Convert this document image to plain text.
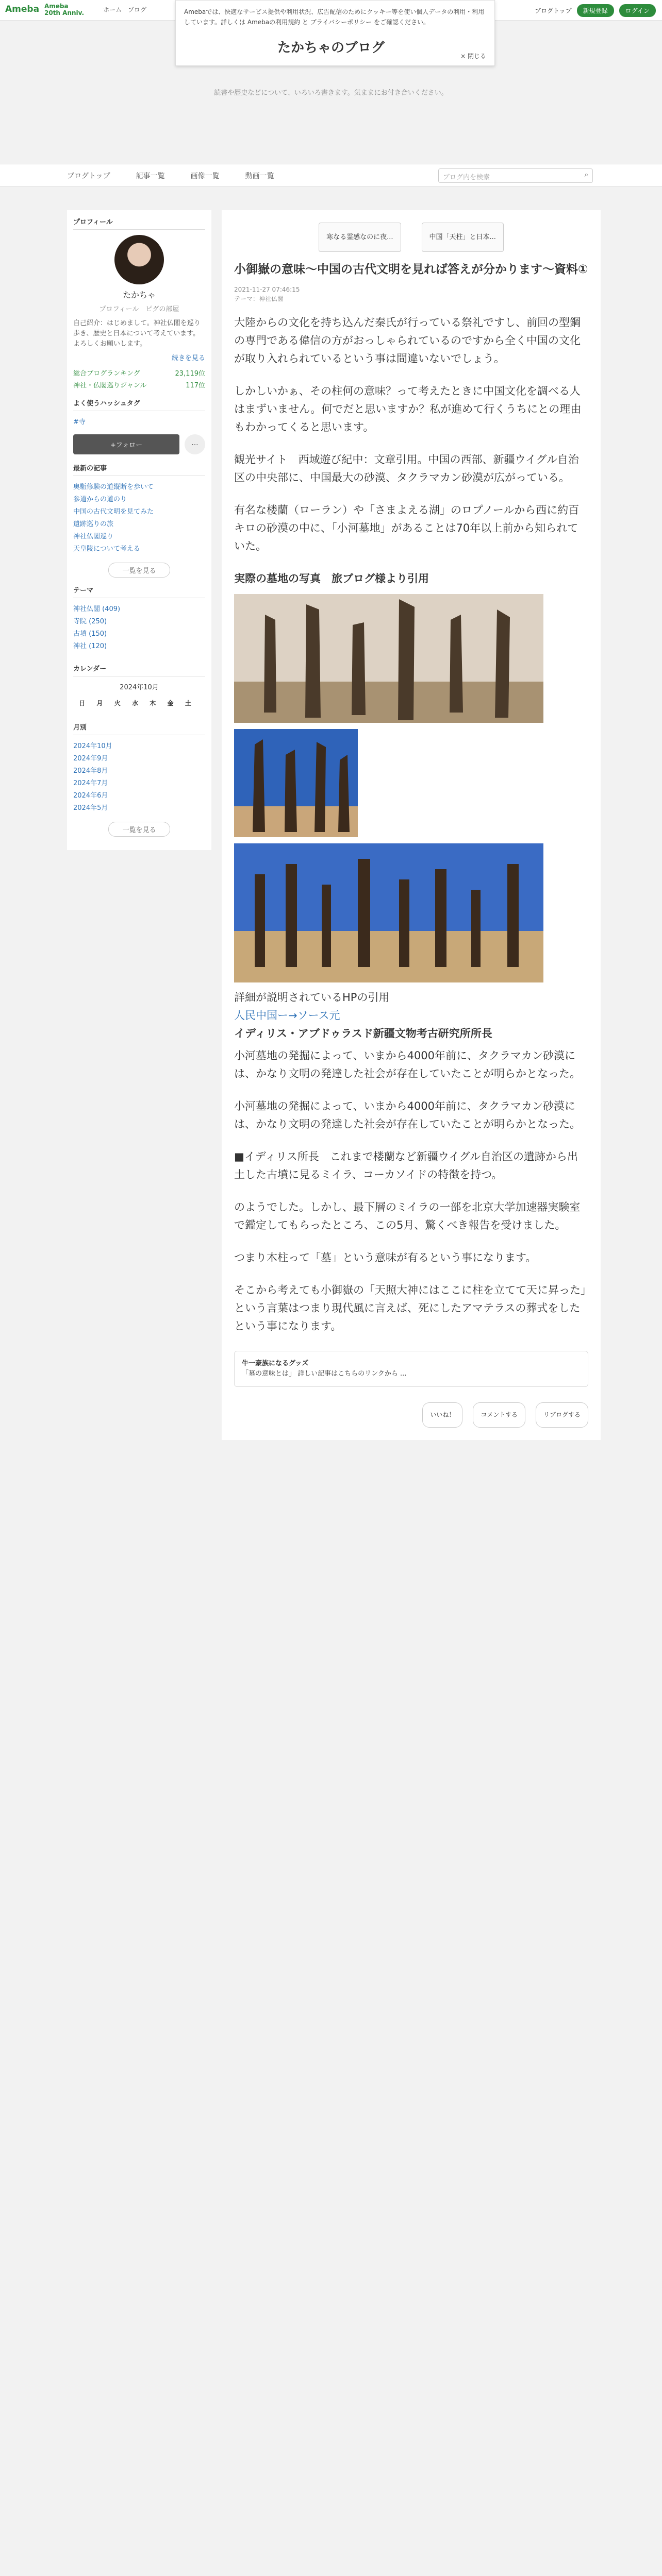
Ameba Ameba
20th Anniv.	ホーム ブログ	ブログトップ	新規登録	ログイン
Amebaでは、快適なサービス提供や利用状況、広告配信のためにクッキー等を使い個人データの利用・利用しています。詳しくは Amebaの利用規約 と プライバシーポリシー をご確認ください。
× 閉じる
たかちゃのブログ
読書や歴史などについて、いろいろ書きます。気ままにお付き合いください。
ブログトップ	記事一覧	画像一覧	動画一覧	ブログ内を検索	⌕
プロフィール
たかちゃ
プロフィール　ピグの部屋

自己紹介：はじめまして。神社仏閣を巡り歩き、歴史と日本について考えています。よろしくお願いします。

続きを見る

総合ブログランキング	23,119位
神社・仏閣巡りジャンル	117位
よく使うハッシュタグ
#寺
+フォロー	…
最新の記事
奥駈修験の道縦断を歩いて
参道からの道のり
中国の古代文明を見てみた
遺跡巡りの旅
神社仏閣巡り
天皇陵について考える
一覧を見る
テーマ
神社仏閣 (409)
寺院 (250)
古墳 (150)
神社 (120)
カレンダー
2024年10月
日	月	火	水	木	金	土
月別
2024年10月
2024年9月
2024年8月
2024年7月
2024年6月
2024年5月
一覧を見る
寒なる霊感なのに夜...	中国「天柱」と日本...
小御嶽の意味〜中国の古代文明を見れば答えが分かります〜資料①
2021-11-27 07:46:15
テーマ：神社仏閣

大陸からの文化を持ち込んだ秦氏が行っている祭礼ですし、前回の型鋼の専門である偉信の方がおっしゃられているのですから全く中国の文化が取り入れられているという事は間違いないでしょう。

しかしいかぁ、その柱何の意味？って考えたときに中国文化を調べる人はまずいません。何でだと思いますか？私が進めて行くうちにとの理由もわかってくると思います。

観光サイト　西域遊び紀中：文章引用。中国の西部、新疆ウイグル自治区の中央部に、中国最大の砂漠、タクラマカン砂漠が広がっている。

有名な楼蘭（ローラン）や「さまよえる湖」のロプノールから西に約百キロの砂漠の中に、「小河墓地」があることは70年以上前から知られていた。

実際の墓地の写真　旅ブログ様より引用

詳細が説明されているHPの引用

人民中国ー→ソース元

イディリス・アブドゥラスド新疆文物考古研究所所長

小河墓地の発掘によって、いまから4000年前に、タクラマカン砂漠には、かなり文明の発達した社会が存在していたことが明らかとなった。

小河墓地の発掘によって、いまから4000年前に、タクラマカン砂漠には、かなり文明の発達した社会が存在していたことが明らかとなった。

■イディリス所長　これまで楼蘭など新疆ウイグル自治区の遺跡から出土した古墳に見るミイラ、コーカソイドの特徴を持つ。

のようでした。しかし、最下層のミイラの一部を北京大学加速器実験室で鑑定してもらったところ、この5月、驚くべき報告を受けました。

つまり木柱って「墓」という意味が有るという事になります。

そこから考えても小御嶽の「天照大神にはここに柱を立てて天に昇った」という言葉はつまり現代風に言えば、死にしたアマテラスの葬式をしたという事になります。

牛一豪族になるグッズ
「墓の意味とは」 詳しい記事はこちらのリンクから ...
いいね！	コメントする	リブログする
